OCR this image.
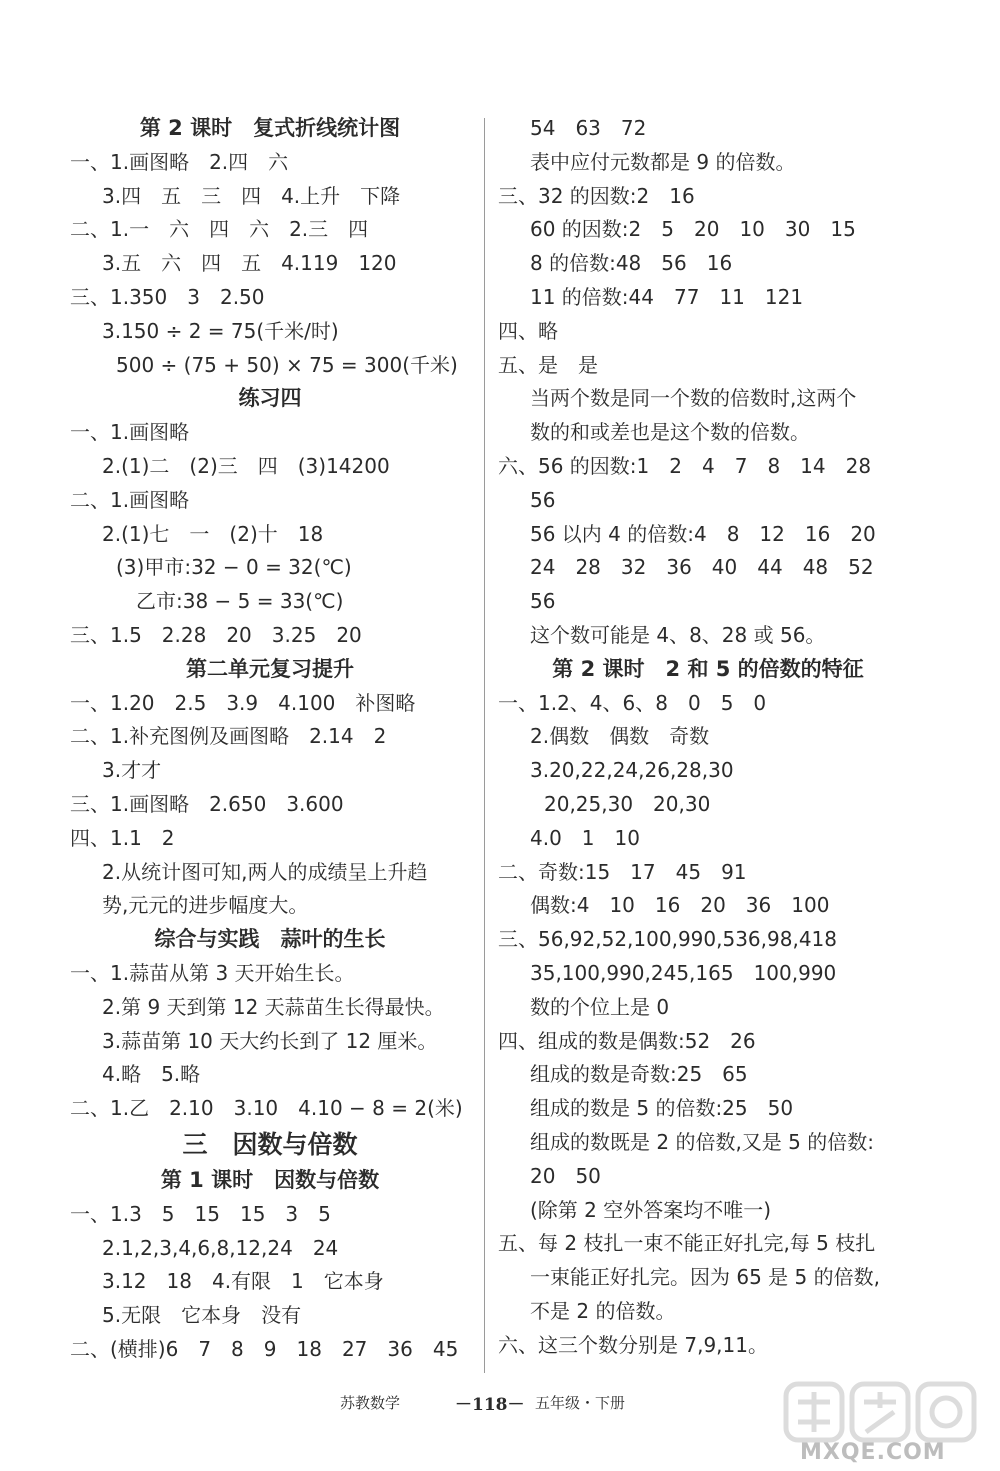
第 2 课时　复式折线统计图
一、1.画图略　2.四　六
3.四　五　三　四　4.上升　下降
二、1.一　六　四　六　2.三　四
3.五　六　四　五　4.119　120
三、1.350　3　2.50
3.150 ÷ 2 = 75(千米/时)
500 ÷ (75 + 50) × 75 = 300(千米)
练习四
一、1.画图略
2.(1)二　(2)三　四　(3)14200
二、1.画图略
2.(1)七　一　(2)十　18
(3)甲市:32 − 0 = 32(℃)
乙市:38 − 5 = 33(℃)
三、1.5　2.28　20　3.25　20
第二单元复习提升
一、1.20　2.5　3.9　4.100　补图略
二、1.补充图例及画图略　2.14　2
3.才才
三、1.画图略　2.650　3.600
四、1.1　2
2.从统计图可知,两人的成绩呈上升趋
势,元元的进步幅度大。
综合与实践　蒜叶的生长
一、1.蒜苗从第 3 天开始生长。
2.第 9 天到第 12 天蒜苗生长得最快。
3.蒜苗第 10 天大约长到了 12 厘米。
4.略　5.略
二、1.乙　2.10　3.10　4.10 − 8 = 2(米)
三　因数与倍数
第 1 课时　因数与倍数
一、1.3　5　15　15　3　5
2.1,2,3,4,6,8,12,24　24
3.12　18　4.有限　1　它本身
5.无限　它本身　没有
二、(横排)6　7　8　9　18　27　36　45
54　63　72
表中应付元数都是 9 的倍数。
三、32 的因数:2　16
60 的因数:2　5　20　10　30　15
8 的倍数:48　56　16
11 的倍数:44　77　11　121
四、略
五、是　是
当两个数是同一个数的倍数时,这两个
数的和或差也是这个数的倍数。
六、56 的因数:1　2　4　7　8　14　28
56
56 以内 4 的倍数:4　8　12　16　20
24　28　32　36　40　44　48　52
56
这个数可能是 4、8、28 或 56。
第 2 课时　2 和 5 的倍数的特征
一、1.2、4、6、8　0　5　0
2.偶数　偶数　奇数
3.20,22,24,26,28,30
20,25,30　20,30
4.0　1　10
二、奇数:15　17　45　91
偶数:4　10　16　20　36　100
三、56,92,52,100,990,536,98,418
35,100,990,245,165　100,990
数的个位上是 0
四、组成的数是偶数:52　26
组成的数是奇数:25　65
组成的数是 5 的倍数:25　50
组成的数既是 2 的倍数,又是 5 的倍数:
20　50
(除第 2 空外答案均不唯一)
五、每 2 枝扎一束不能正好扎完,每 5 枝扎
一束能正好扎完。因为 65 是 5 的倍数,
不是 2 的倍数。
六、这三个数分别是 7,9,11。
苏教数学	－118－ 五年级・下册
MXQE.COM
